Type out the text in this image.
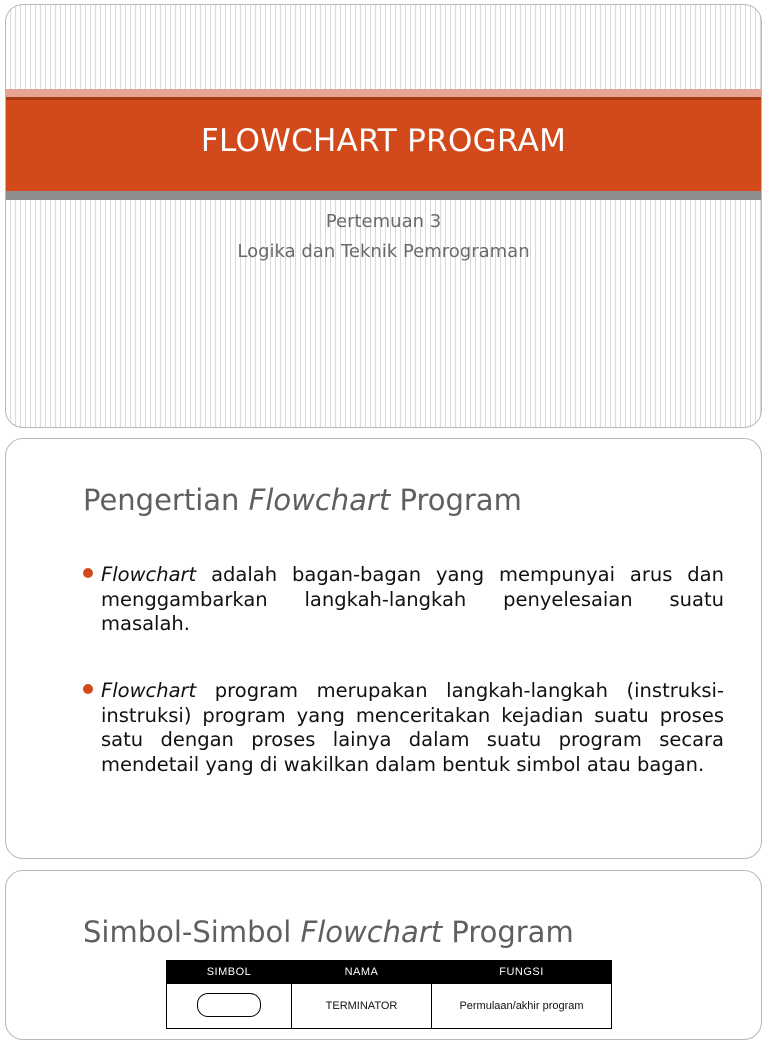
FLOWCHART PROGRAM
Pertemuan 3
Logika dan Teknik Pemrograman
Pengertian Flowchart Program
Flowchart adalah bagan-bagan yang mempunyai arus dan menggambarkan langkah-langkah penyelesaian suatu masalah.
Flowchart program merupakan langkah-langkah (instruksi-instruksi) program yang menceritakan kejadian suatu proses satu dengan proses lainya dalam suatu program secara mendetail yang di wakilkan dalam bentuk simbol atau bagan.
Simbol-Simbol Flowchart Program
SIMBOL	NAMA	FUNGSI
	TERMINATOR	Permulaan/akhir program
